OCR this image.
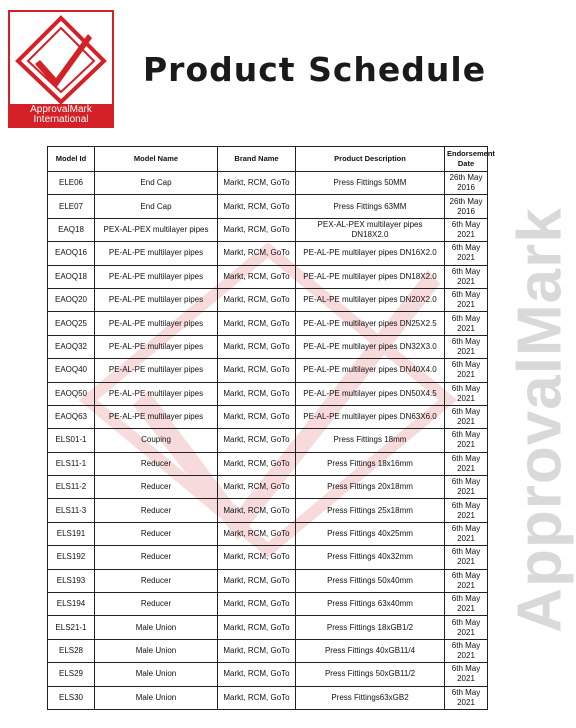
ApprovalMark
International
Product Schedule
ApprovalMark
Model Id	Model Name	Brand Name	Product Description	Endorsement Date
ELE06	End Cap	Markt, RCM, GoTo	Press Fittings 50MM	26th May 2016
ELE07	End Cap	Markt, RCM, GoTo	Press Fittings 63MM	26th May 2016
EAQ18	PEX-AL-PEX multilayer pipes	Markt, RCM, GoTo	PEX-AL-PEX multilayer pipes DN18X2.0	6th May 2021
EAOQ16	PE-AL-PE multilayer pipes	Markt, RCM, GoTo	PE-AL-PE multilayer pipes DN16X2.0	6th May 2021
EAOQ18	PE-AL-PE multilayer pipes	Markt, RCM, GoTo	PE-AL-PE multilayer pipes DN18X2.0	6th May 2021
EAOQ20	PE-AL-PE multilayer pipes	Markt, RCM, GoTo	PE-AL-PE multilayer pipes DN20X2.0	6th May 2021
EAOQ25	PE-AL-PE multilayer pipes	Markt, RCM, GoTo	PE-AL-PE multilayer pipes DN25X2.5	6th May 2021
EAOQ32	PE-AL-PE multilayer pipes	Markt, RCM, GoTo	PE-AL-PE multilayer pipes DN32X3.0	6th May 2021
EAOQ40	PE-AL-PE multilayer pipes	Markt, RCM, GoTo	PE-AL-PE multilayer pipes DN40X4.0	6th May 2021
EAOQ50	PE-AL-PE multilayer pipes	Markt, RCM, GoTo	PE-AL-PE multilayer pipes DN50X4.5	6th May 2021
EAOQ63	PE-AL-PE multilayer pipes	Markt, RCM, GoTo	PE-AL-PE multilayer pipes DN63X6.0	6th May 2021
ELS01-1	Couping	Markt, RCM, GoTo	Press Fittings 18mm	6th May 2021
ELS11-1	Reducer	Markt, RCM, GoTo	Press Fittings 18x16mm	6th May 2021
ELS11-2	Reducer	Markt, RCM, GoTo	Press Fittings 20x18mm	6th May 2021
ELS11-3	Reducer	Markt, RCM, GoTo	Press Fittings 25x18mm	6th May 2021
ELS191	Reducer	Markt, RCM, GoTo	Press Fittings 40x25mm	6th May 2021
ELS192	Reducer	Markt, RCM, GoTo	Press Fittings 40x32mm	6th May 2021
ELS193	Reducer	Markt, RCM, GoTo	Press Fittings 50x40mm	6th May 2021
ELS194	Reducer	Markt, RCM, GoTo	Press Fittings 63x40mm	6th May 2021
ELS21-1	Male Union	Markt, RCM, GoTo	Press Fittings 18xGB1/2	6th May 2021
ELS28	Male Union	Markt, RCM, GoTo	Press Fittings 40xGB11/4	6th May 2021
ELS29	Male Union	Markt, RCM, GoTo	Press Fittings 50xGB11/2	6th May 2021
ELS30	Male Union	Markt, RCM, GoTo	Press Fittings63xGB2	6th May 2021
